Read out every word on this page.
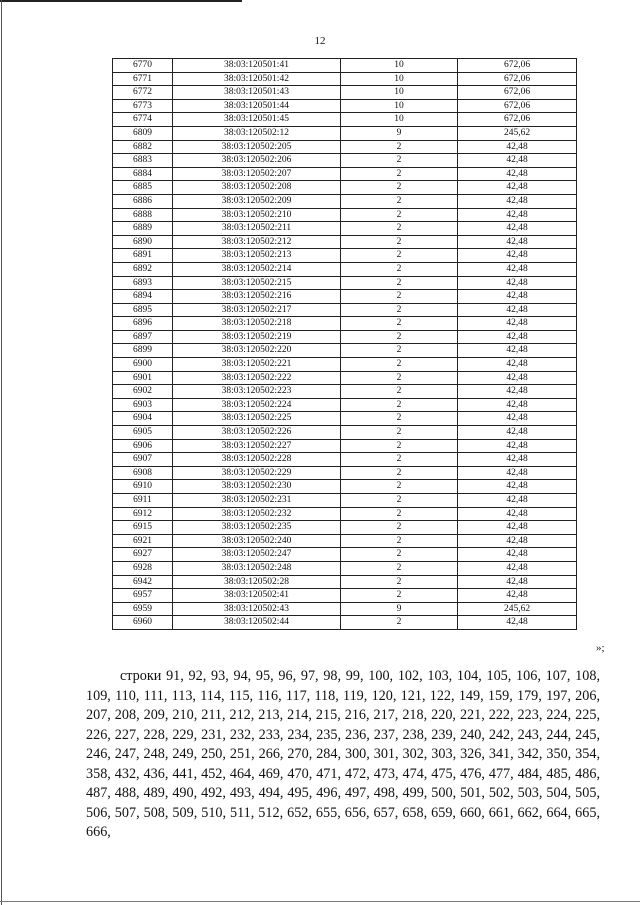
12
6770	38:03:120501:41	10	672,06
6771	38:03:120501:42	10	672,06
6772	38:03:120501:43	10	672,06
6773	38:03:120501:44	10	672,06
6774	38:03:120501:45	10	672,06
6809	38:03:120502:12	9	245,62
6882	38:03:120502:205	2	42,48
6883	38:03:120502:206	2	42,48
6884	38:03:120502:207	2	42,48
6885	38:03:120502:208	2	42,48
6886	38:03:120502:209	2	42,48
6888	38:03:120502:210	2	42,48
6889	38:03:120502:211	2	42,48
6890	38:03:120502:212	2	42,48
6891	38:03:120502:213	2	42,48
6892	38:03:120502:214	2	42,48
6893	38:03:120502:215	2	42,48
6894	38:03:120502:216	2	42,48
6895	38:03:120502:217	2	42,48
6896	38:03:120502:218	2	42,48
6897	38:03:120502:219	2	42,48
6899	38:03:120502:220	2	42,48
6900	38:03:120502:221	2	42,48
6901	38:03:120502:222	2	42,48
6902	38:03:120502:223	2	42,48
6903	38:03:120502:224	2	42,48
6904	38:03:120502:225	2	42,48
6905	38:03:120502:226	2	42,48
6906	38:03:120502:227	2	42,48
6907	38:03:120502:228	2	42,48
6908	38:03:120502:229	2	42,48
6910	38:03:120502:230	2	42,48
6911	38:03:120502:231	2	42,48
6912	38:03:120502:232	2	42,48
6915	38:03:120502:235	2	42,48
6921	38:03:120502:240	2	42,48
6927	38:03:120502:247	2	42,48
6928	38:03:120502:248	2	42,48
6942	38:03:120502:28	2	42,48
6957	38:03:120502:41	2	42,48
6959	38:03:120502:43	9	245,62
6960	38:03:120502:44	2	42,48
»;
строки 91, 92, 93, 94, 95, 96, 97, 98, 99, 100, 102, 103, 104, 105, 106, 107, 108, 109, 110, 111, 113, 114, 115, 116, 117, 118, 119, 120, 121, 122, 149, 159, 179, 197, 206, 207, 208, 209, 210, 211, 212, 213, 214, 215, 216, 217, 218, 220, 221, 222, 223, 224, 225, 226, 227, 228, 229, 231, 232, 233, 234, 235, 236, 237, 238, 239, 240, 242, 243, 244, 245, 246, 247, 248, 249, 250, 251, 266, 270, 284, 300, 301, 302, 303, 326, 341, 342, 350, 354, 358, 432, 436, 441, 452, 464, 469, 470, 471, 472, 473, 474, 475, 476, 477, 484, 485, 486, 487, 488, 489, 490, 492, 493, 494, 495, 496, 497, 498, 499, 500, 501, 502, 503, 504, 505, 506, 507, 508, 509, 510, 511, 512, 652, 655, 656, 657, 658, 659, 660, 661, 662, 664, 665, 666,
